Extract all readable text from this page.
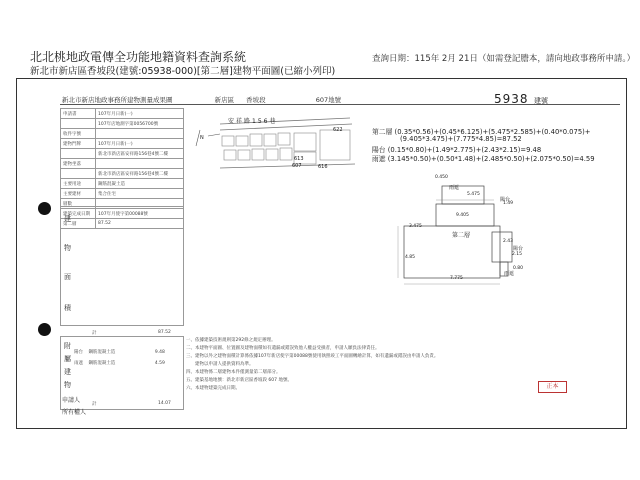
北北桃地政電傳全功能地籍資料查詢系統
新北市新店區香坡段(建號:05938-000)[第二層]建物平面圖(已縮小列印)
查詢日期：115年 2月 21日（如需登記謄本，請向地政事務所申請。）
新北市新店地政事務所建物測量成果圖	新店區 香坡段	607地號	5938 建號
申請書	107年月日新(一)
	107年店地測字第0056700號
收件字號	
建物門牌	107年月日新(一)
	新北市新店區安祥路156巷4號二樓
建物坐落	
	新北市新店區安祥路156巷4號二樓
主要用途	鋼筋混凝土造
主要建材	集合住宅
層數	
建築完成日期	107年月使字第00088號
第二層	87.52
建
物
面
積
計	87.52
附
屬
建
物
陽台 鋼筋混凝土造	9.48
雨遮 鋼筋混凝土造	4.59
計	14.07
申請人
所有權人
安祥路156巷
607
613
616
622
N
第二層 (0.35*0.56)+(0.45*6.125)+(5.475*2.585)+(0.40*0.075)+
(9.405*3.475)+(7.775*4.85)=87.52
陽台 (0.15*0.80)+(1.49*2.775)+(2.43*2.15)=9.48
雨遮 (3.145*0.50)+(0.50*1.48)+(2.485*0.50)+(2.075*0.50)=4.59
雨遮
陽台
第二層
陽台
雨遮
5.475
9.405
7.775
0.450
4.85
3.475
1.49
2.43
2.15
0.80
一、依據建築技術規則第292條之規定辦理。
二、本建物平面圖、位置圖及建物面積如有遺漏或錯誤致他人權益受損者，申請人願負法律責任。
三、建物以外之建物面積計算係依據107年新店使字第00088號使用執照竣工平面圖轉繪計算，如有遺漏或錯誤由申請人負責。
　　建物以申請人提供資料為準。
四、本建物係二層建物本件僅測量第二層部分。
五、建築基地地號：新北市新店區香坡段 607 地號。
六、本建物建築完成日期。	正本
